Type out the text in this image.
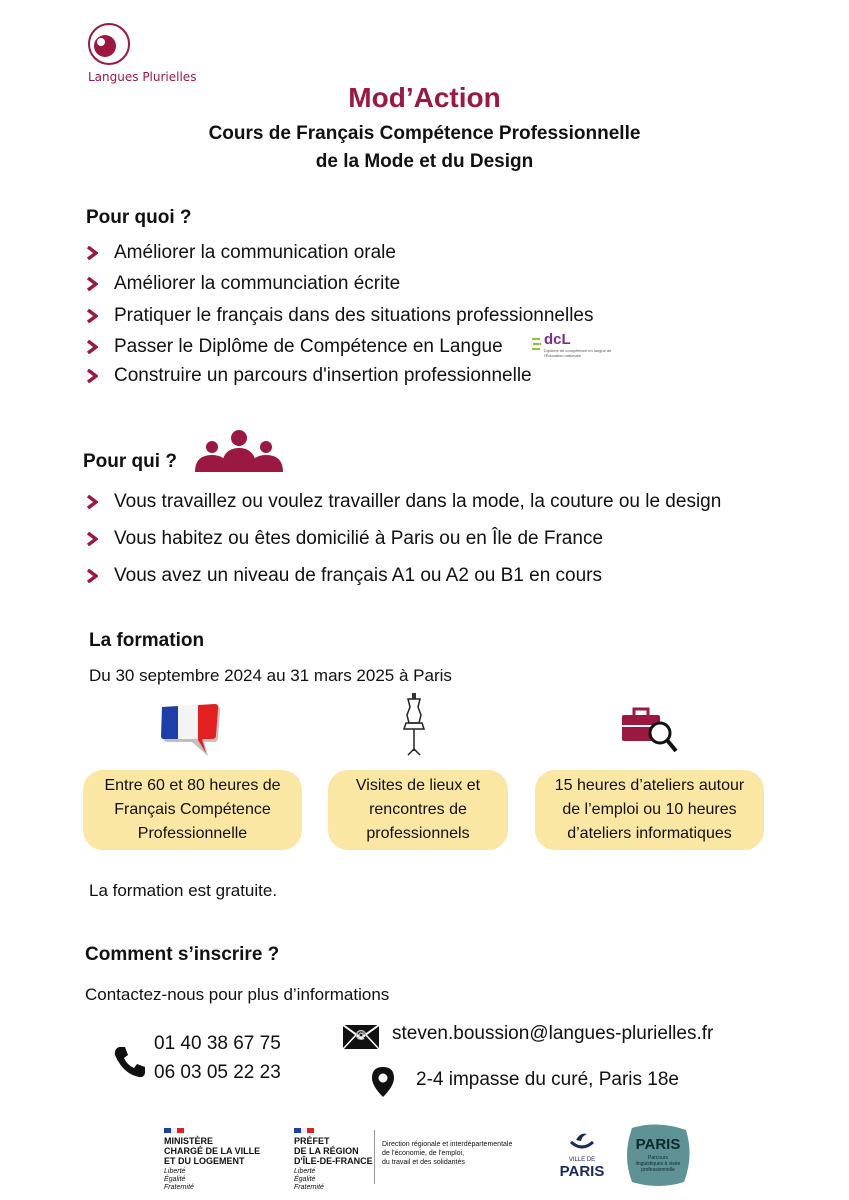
Langues Plurielles
Mod’Action
Cours de Français Compétence Professionnelle
de la Mode et du Design
Pour quoi ?
Améliorer la communication orale
Améliorer la communciation écrite
Pratiquer le français dans des situations professionnelles
Passer le Diplôme de Compétence en Langue
Construire un parcours d'insertion professionnelle
dcL
Diplôme de compétence en langue de l'Éducation nationale
Pour qui ?
Vous travaillez ou voulez travailler dans la mode, la couture ou le design
Vous habitez ou êtes domicilié à Paris ou en Île de France
Vous avez un niveau de français A1 ou A2 ou B1 en cours
La formation
Du 30 septembre 2024 au 31 mars 2025 à Paris
Entre 60 et 80 heures de
Français Compétence
Professionnelle
Visites de lieux et
rencontres de
professionnels
15 heures d’ateliers autour
de l’emploi ou 10 heures
d’ateliers informatiques
La formation est gratuite.
Comment s’inscrire ?
Contactez-nous pour plus d’informations
01 40 38 67 75
06 03 05 22 23
@ steven.boussion@langues-plurielles.fr
2-4 impasse du curé, Paris 18e
MINISTÈRE
CHARGÉ DE LA VILLE
ET DU LOGEMENT
Liberté
Égalité
Fraternité
PRÉFET
DE LA RÉGION
D'ÎLE-DE-FRANCE
Liberté
Égalité
Fraternité
Direction régionale et interdépartementale
de l'économie, de l'emploi,
du travail et des solidarités	VILLE DE
PARIS
PARIS
Parcours linguistiques à visée professionnelle
